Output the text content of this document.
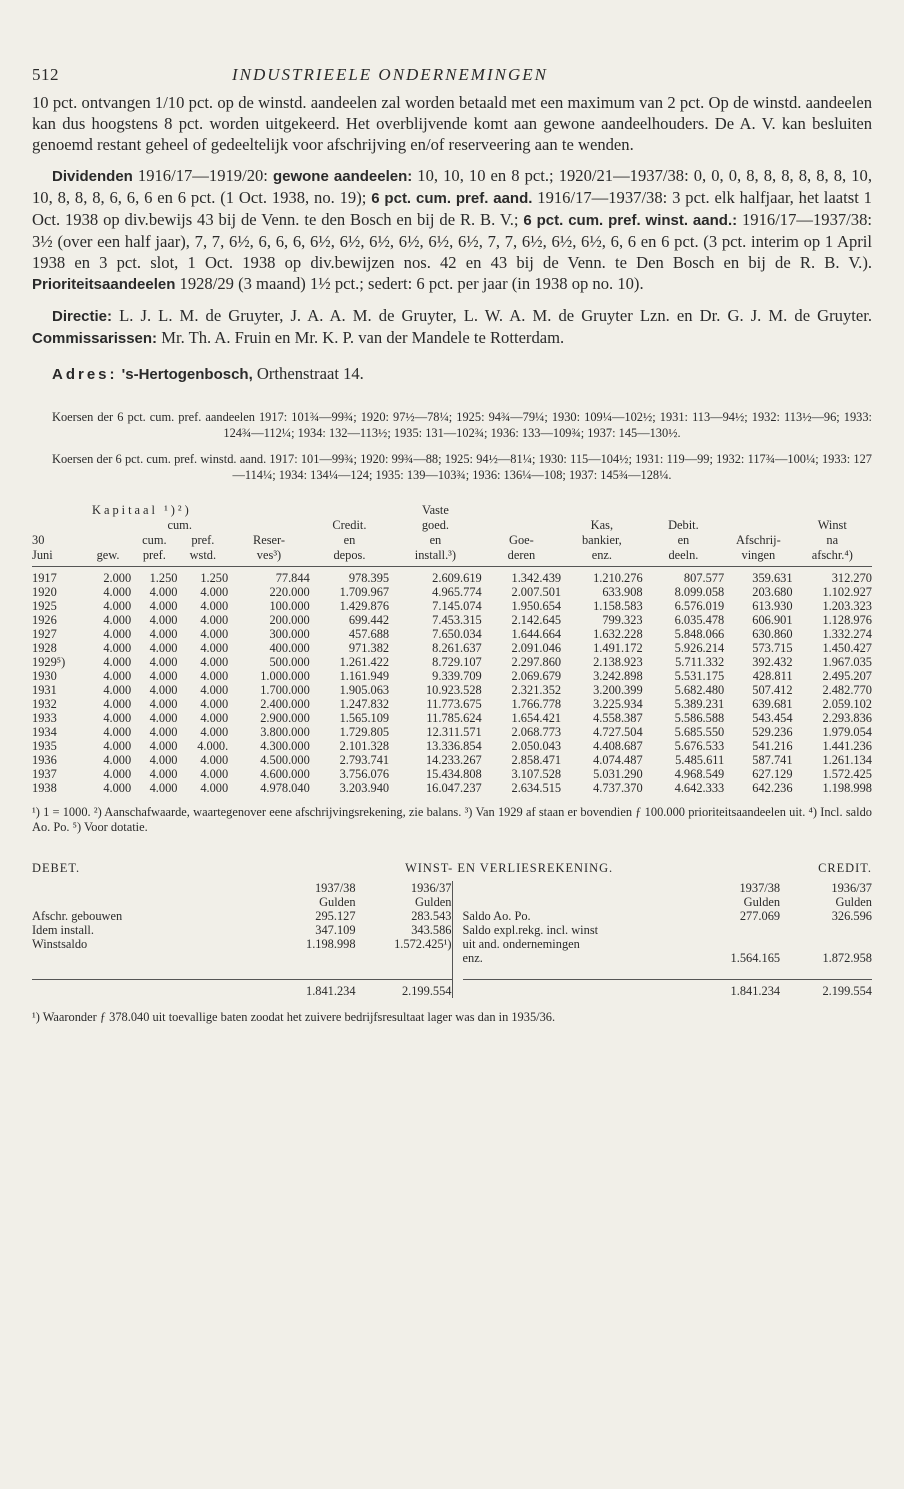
512	INDUSTRIEELE ONDERNEMINGEN

10 pct. ontvangen 1/10 pct. op de winstd. aandeelen zal worden betaald met een maximum van 2 pct. Op de winstd. aandeelen kan dus hoogstens 8 pct. worden uitgekeerd. Het overblijvende komt aan gewone aandeelhouders. De A. V. kan besluiten genoemd restant geheel of gedeeltelijk voor afschrijving en/of reserveering aan te wenden.

Dividenden 1916/17—1919/20: gewone aandeelen: 10, 10, 10 en 8 pct.; 1920/21—1937/38: 0, 0, 0, 8, 8, 8, 8, 8, 8, 10, 10, 8, 8, 8, 6, 6, 6 en 6 pct. (1 Oct. 1938, no. 19); 6 pct. cum. pref. aand. 1916/17—1937/38: 3 pct. elk halfjaar, het laatst 1 Oct. 1938 op div.bewijs 43 bij de Venn. te den Bosch en bij de R. B. V.; 6 pct. cum. pref. winst. aand.: 1916/17—1937/38: 3½ (over een half jaar), 7, 7, 6½, 6, 6, 6, 6½, 6½, 6½, 6½, 6½, 6½, 7, 7, 6½, 6½, 6½, 6, 6 en 6 pct. (3 pct. interim op 1 April 1938 en 3 pct. slot, 1 Oct. 1938 op div.bewijzen nos. 42 en 43 bij de Venn. te Den Bosch en bij de R. B. V.). Prioriteitsaandeelen 1928/29 (3 maand) 1½ pct.; sedert: 6 pct. per jaar (in 1938 op no. 10).

Directie: L. J. L. M. de Gruyter, J. A. A. M. de Gruyter, L. W. A. M. de Gruyter Lzn. en Dr. G. J. M. de Gruyter. Commissarissen: Mr. Th. A. Fruin en Mr. K. P. van der Mandele te Rotterdam.

Adres: 's-Hertogenbosch, Orthenstraat 14.

Koersen der 6 pct. cum. pref. aandeelen 1917: 101¾—99¾; 1920: 97½—78¼; 1925: 94¾—79¼; 1930: 109¼—102½; 1931: 113—94½; 1932: 113½—96; 1933: 124¾—112¼; 1934: 132—113½; 1935: 131—102¾; 1936: 133—109¾; 1937: 145—130½.

Koersen der 6 pct. cum. pref. winstd. aand. 1917: 101—99¾; 1920: 99¾—88; 1925: 94½—81¼; 1930: 115—104½; 1931: 119—99; 1932: 117¾—100¼; 1933: 127—114¼; 1934: 134¼—124; 1935: 139—103¾; 1936: 136¼—108; 1937: 145¾—128¼.

Kapitaal ¹)²)						Vaste					
		cum.			Credit.	goed.		Kas,	Debit.		Winst
30		cum.	pref.	Reser-	en	en	Goe-	bankier,	en	Afschrij-	na
Juni	gew.	pref.	wstd.	ves³)	depos.	install.³)	deren	enz.	deeln.	vingen	afschr.⁴)
1917	2.000	1.250	1.250	77.844	978.395	2.609.619	1.342.439	1.210.276	807.577	359.631	312.270
1920	4.000	4.000	4.000	220.000	1.709.967	4.965.774	2.007.501	633.908	8.099.058	203.680	1.102.927
1925	4.000	4.000	4.000	100.000	1.429.876	7.145.074	1.950.654	1.158.583	6.576.019	613.930	1.203.323
1926	4.000	4.000	4.000	200.000	699.442	7.453.315	2.142.645	799.323	6.035.478	606.901	1.128.976
1927	4.000	4.000	4.000	300.000	457.688	7.650.034	1.644.664	1.632.228	5.848.066	630.860	1.332.274
1928	4.000	4.000	4.000	400.000	971.382	8.261.637	2.091.046	1.491.172	5.926.214	573.715	1.450.427
1929⁵)	4.000	4.000	4.000	500.000	1.261.422	8.729.107	2.297.860	2.138.923	5.711.332	392.432	1.967.035
1930	4.000	4.000	4.000	1.000.000	1.161.949	9.339.709	2.069.679	3.242.898	5.531.175	428.811	2.495.207
1931	4.000	4.000	4.000	1.700.000	1.905.063	10.923.528	2.321.352	3.200.399	5.682.480	507.412	2.482.770
1932	4.000	4.000	4.000	2.400.000	1.247.832	11.773.675	1.766.778	3.225.934	5.389.231	639.681	2.059.102
1933	4.000	4.000	4.000	2.900.000	1.565.109	11.785.624	1.654.421	4.558.387	5.586.588	543.454	2.293.836
1934	4.000	4.000	4.000	3.800.000	1.729.805	12.311.571	2.068.773	4.727.504	5.685.550	529.236	1.979.054
1935	4.000	4.000	4.000.	4.300.000	2.101.328	13.336.854	2.050.043	4.408.687	5.676.533	541.216	1.441.236
1936	4.000	4.000	4.000	4.500.000	2.793.741	14.233.267	2.858.471	4.074.487	5.485.611	587.741	1.261.134
1937	4.000	4.000	4.000	4.600.000	3.756.076	15.434.808	3.107.528	5.031.290	4.968.549	627.129	1.572.425
1938	4.000	4.000	4.000	4.978.040	3.203.940	16.047.237	2.634.515	4.737.370	4.642.333	642.236	1.198.998
¹) 1 = 1000. ²) Aanschafwaarde, waartegenover eene afschrijvingsrekening, zie balans. ³) Van 1929 af staan er bovendien ƒ 100.000 prioriteitsaandeelen uit. ⁴) Incl. saldo Ao. Po. ⁵) Voor dotatie.
DEBET.	WINST- EN VERLIESREKENING.	CREDIT.
	1937/38	1936/37
	Gulden	Gulden
Afschr. gebouwen	295.127	283.543
Idem install.	347.109	343.586
Winstsaldo	1.198.998	1.572.425¹)

	1.841.234	2.199.554
	1937/38	1936/37
	Gulden	Gulden
Saldo Ao. Po.	277.069	326.596
Saldo expl.rekg. incl. winst		
uit and. ondernemingen		
enz.	1.564.165	1.872.958

	1.841.234	2.199.554
¹) Waaronder ƒ 378.040 uit toevallige baten zoodat het zuivere bedrijfsresultaat lager was dan in 1935/36.
